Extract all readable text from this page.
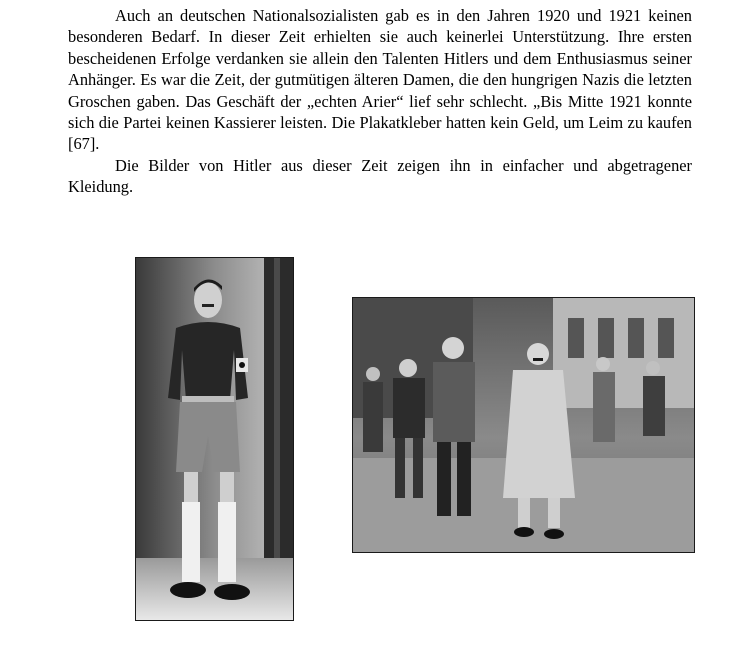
Auch an deutschen Nationalsozialisten gab es in den Jahren 1920 und 1921 keinen besonderen Bedarf. In dieser Zeit erhielten sie auch keinerlei Unterstützung. Ihre ersten bescheidenen Erfolge verdanken sie allein den Talenten Hitlers und dem Enthusiasmus seiner Anhänger. Es war die Zeit, der gutmütigen älteren Damen, die den hungrigen Nazis die letzten Groschen gaben. Das Geschäft der „echten Arier“ lief sehr schlecht. „Bis Mitte 1921 konnte sich die Partei keinen Kassierer leisten. Die Plakatkleber hatten kein Geld, um Leim zu kaufen [67].

Die Bilder von Hitler aus dieser Zeit zeigen ihn in einfacher und abgetragener Kleidung.
